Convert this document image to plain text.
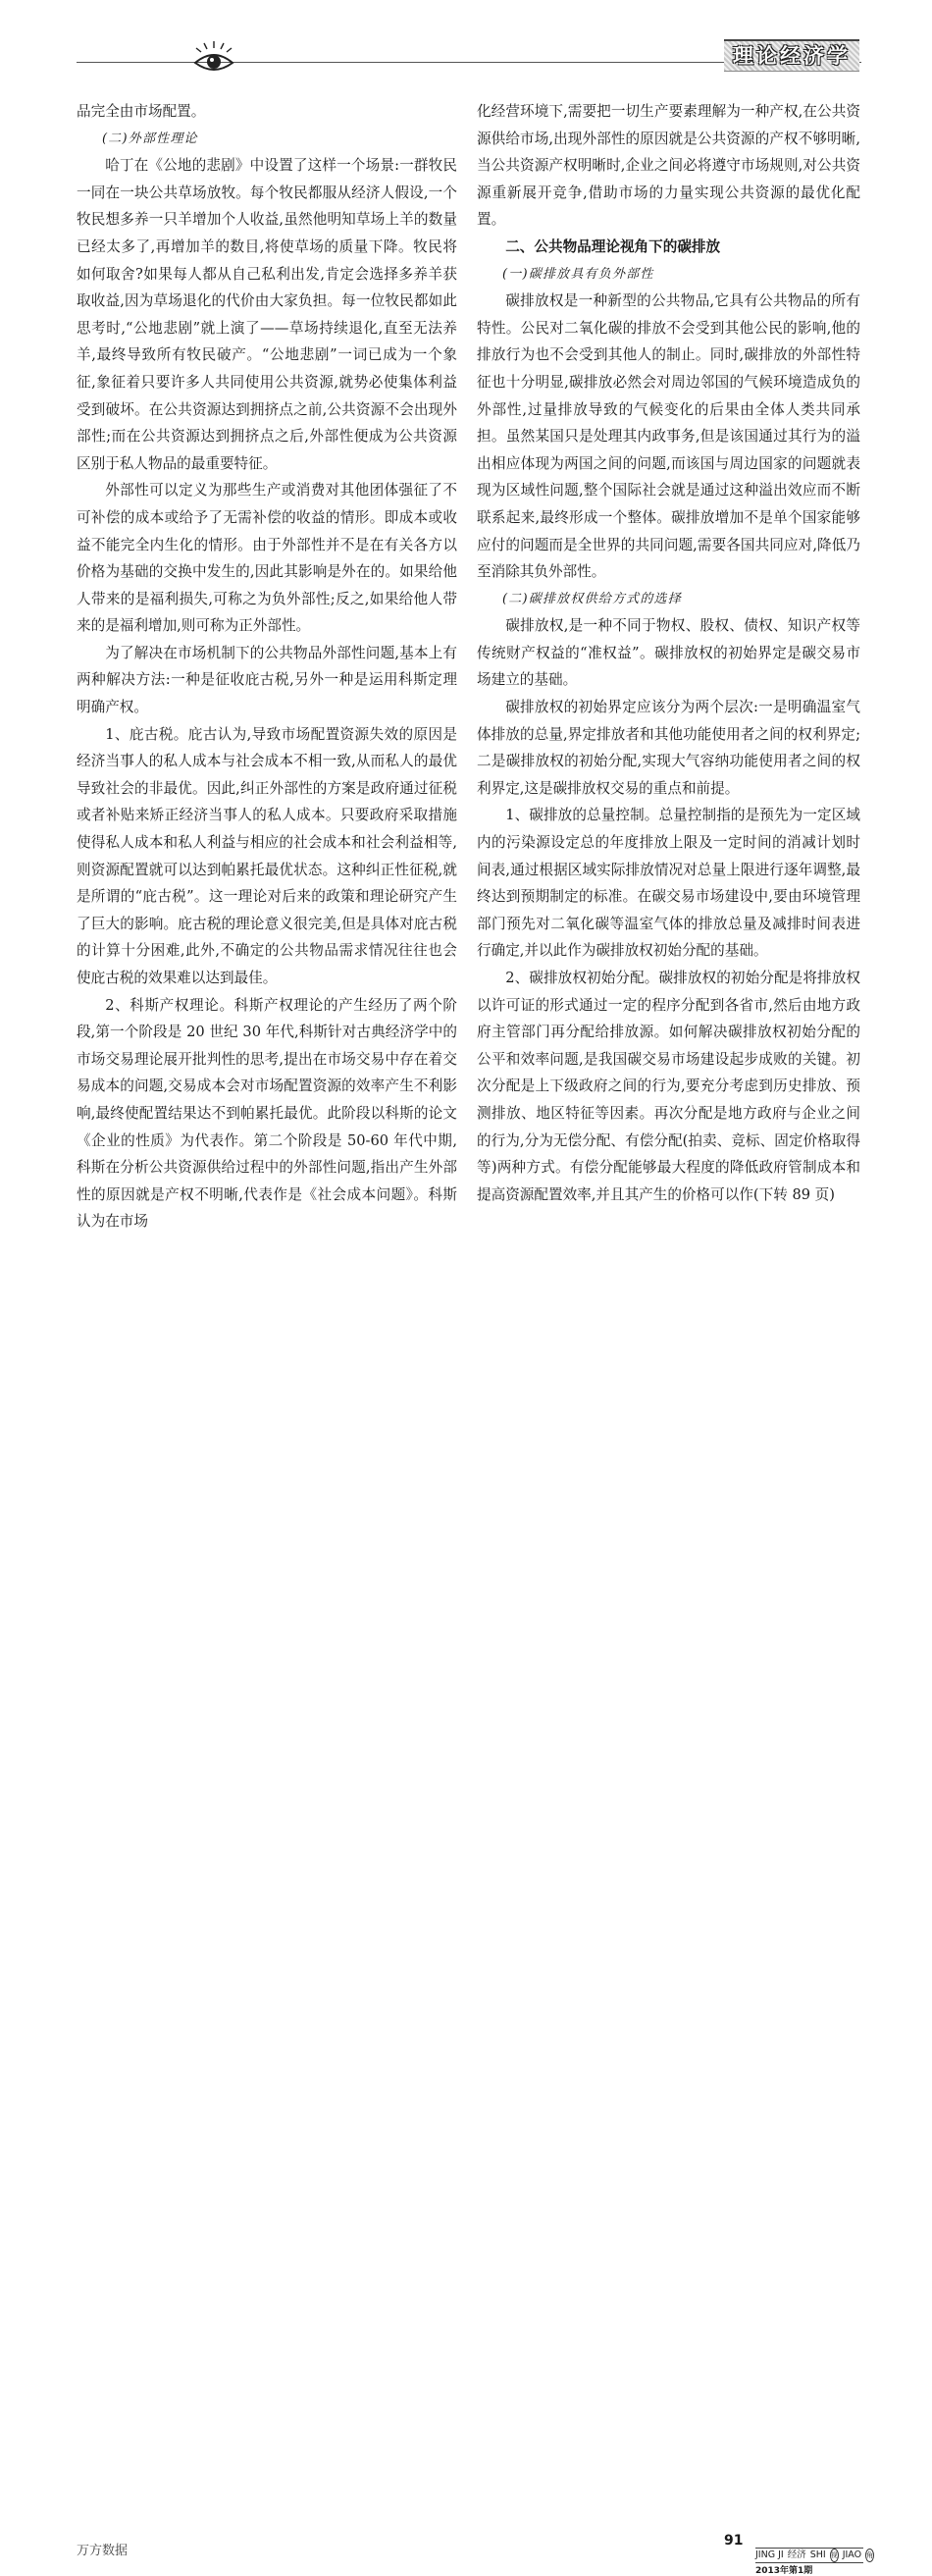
理论经济学

品完全由市场配置。

(二)外部性理论

哈丁在《公地的悲剧》中设置了这样一个场景:一群牧民一同在一块公共草场放牧。每个牧民都服从经济人假设,一个牧民想多养一只羊增加个人收益,虽然他明知草场上羊的数量已经太多了,再增加羊的数目,将使草场的质量下降。牧民将如何取舍?如果每人都从自己私利出发,肯定会选择多养羊获取收益,因为草场退化的代价由大家负担。每一位牧民都如此思考时,“公地悲剧”就上演了——草场持续退化,直至无法养羊,最终导致所有牧民破产。“公地悲剧”一词已成为一个象征,象征着只要许多人共同使用公共资源,就势必使集体利益受到破坏。在公共资源达到拥挤点之前,公共资源不会出现外部性;而在公共资源达到拥挤点之后,外部性便成为公共资源区别于私人物品的最重要特征。

外部性可以定义为那些生产或消费对其他团体强征了不可补偿的成本或给予了无需补偿的收益的情形。即成本或收益不能完全内生化的情形。由于外部性并不是在有关各方以价格为基础的交换中发生的,因此其影响是外在的。如果给他人带来的是福利损失,可称之为负外部性;反之,如果给他人带来的是福利增加,则可称为正外部性。

为了解决在市场机制下的公共物品外部性问题,基本上有两种解决方法:一种是征收庇古税,另外一种是运用科斯定理明确产权。

1、庇古税。庇古认为,导致市场配置资源失效的原因是经济当事人的私人成本与社会成本不相一致,从而私人的最优导致社会的非最优。因此,纠正外部性的方案是政府通过征税或者补贴来矫正经济当事人的私人成本。只要政府采取措施使得私人成本和私人利益与相应的社会成本和社会利益相等,则资源配置就可以达到帕累托最优状态。这种纠正性征税,就是所谓的“庇古税”。这一理论对后来的政策和理论研究产生了巨大的影响。庇古税的理论意义很完美,但是具体对庇古税的计算十分困难,此外,不确定的公共物品需求情况往往也会使庇古税的效果难以达到最佳。

2、科斯产权理论。科斯产权理论的产生经历了两个阶段,第一个阶段是 20 世纪 30 年代,科斯针对古典经济学中的市场交易理论展开批判性的思考,提出在市场交易中存在着交易成本的问题,交易成本会对市场配置资源的效率产生不利影响,最终使配置结果达不到帕累托最优。此阶段以科斯的论文《企业的性质》为代表作。第二个阶段是 50-60 年代中期,科斯在分析公共资源供给过程中的外部性问题,指出产生外部性的原因就是产权不明晰,代表作是《社会成本问题》。科斯认为在市场

化经营环境下,需要把一切生产要素理解为一种产权,在公共资源供给市场,出现外部性的原因就是公共资源的产权不够明晰,当公共资源产权明晰时,企业之间必将遵守市场规则,对公共资源重新展开竞争,借助市场的力量实现公共资源的最优化配置。

二、公共物品理论视角下的碳排放
(一)碳排放具有负外部性

碳排放权是一种新型的公共物品,它具有公共物品的所有特性。公民对二氧化碳的排放不会受到其他公民的影响,他的排放行为也不会受到其他人的制止。同时,碳排放的外部性特征也十分明显,碳排放必然会对周边邻国的气候环境造成负的外部性,过量排放导致的气候变化的后果由全体人类共同承担。虽然某国只是处理其内政事务,但是该国通过其行为的溢出相应体现为两国之间的问题,而该国与周边国家的问题就表现为区域性问题,整个国际社会就是通过这种溢出效应而不断联系起来,最终形成一个整体。碳排放增加不是单个国家能够应付的问题而是全世界的共同问题,需要各国共同应对,降低乃至消除其负外部性。

(二)碳排放权供给方式的选择

碳排放权,是一种不同于物权、股权、债权、知识产权等传统财产权益的“准权益”。碳排放权的初始界定是碳交易市场建立的基础。

碳排放权的初始界定应该分为两个层次:一是明确温室气体排放的总量,界定排放者和其他功能使用者之间的权利界定;二是碳排放权的初始分配,实现大气容纳功能使用者之间的权利界定,这是碳排放权交易的重点和前提。

1、碳排放的总量控制。总量控制指的是预先为一定区域内的污染源设定总的年度排放上限及一定时间的消减计划时间表,通过根据区域实际排放情况对总量上限进行逐年调整,最终达到预期制定的标准。在碳交易市场建设中,要由环境管理部门预先对二氧化碳等温室气体的排放总量及减排时间表进行确定,并以此作为碳排放权初始分配的基础。

2、碳排放权初始分配。碳排放权的初始分配是将排放权以许可证的形式通过一定的程序分配到各省市,然后由地方政府主管部门再分配给排放源。如何解决碳排放权初始分配的公平和效率问题,是我国碳交易市场建设起步成败的关键。初次分配是上下级政府之间的行为,要充分考虑到历史排放、预测排放、地区特征等因素。再次分配是地方政府与企业之间的行为,分为无偿分配、有偿分配(拍卖、竞标、固定价格取得等)两种方式。有偿分配能够最大程度的降低政府管制成本和提高资源配置效率,并且其产生的价格可以作(下转 89 页)

万方数据
91
JING JI 经济 SHI 视 JIAO 角
2013年第1期
